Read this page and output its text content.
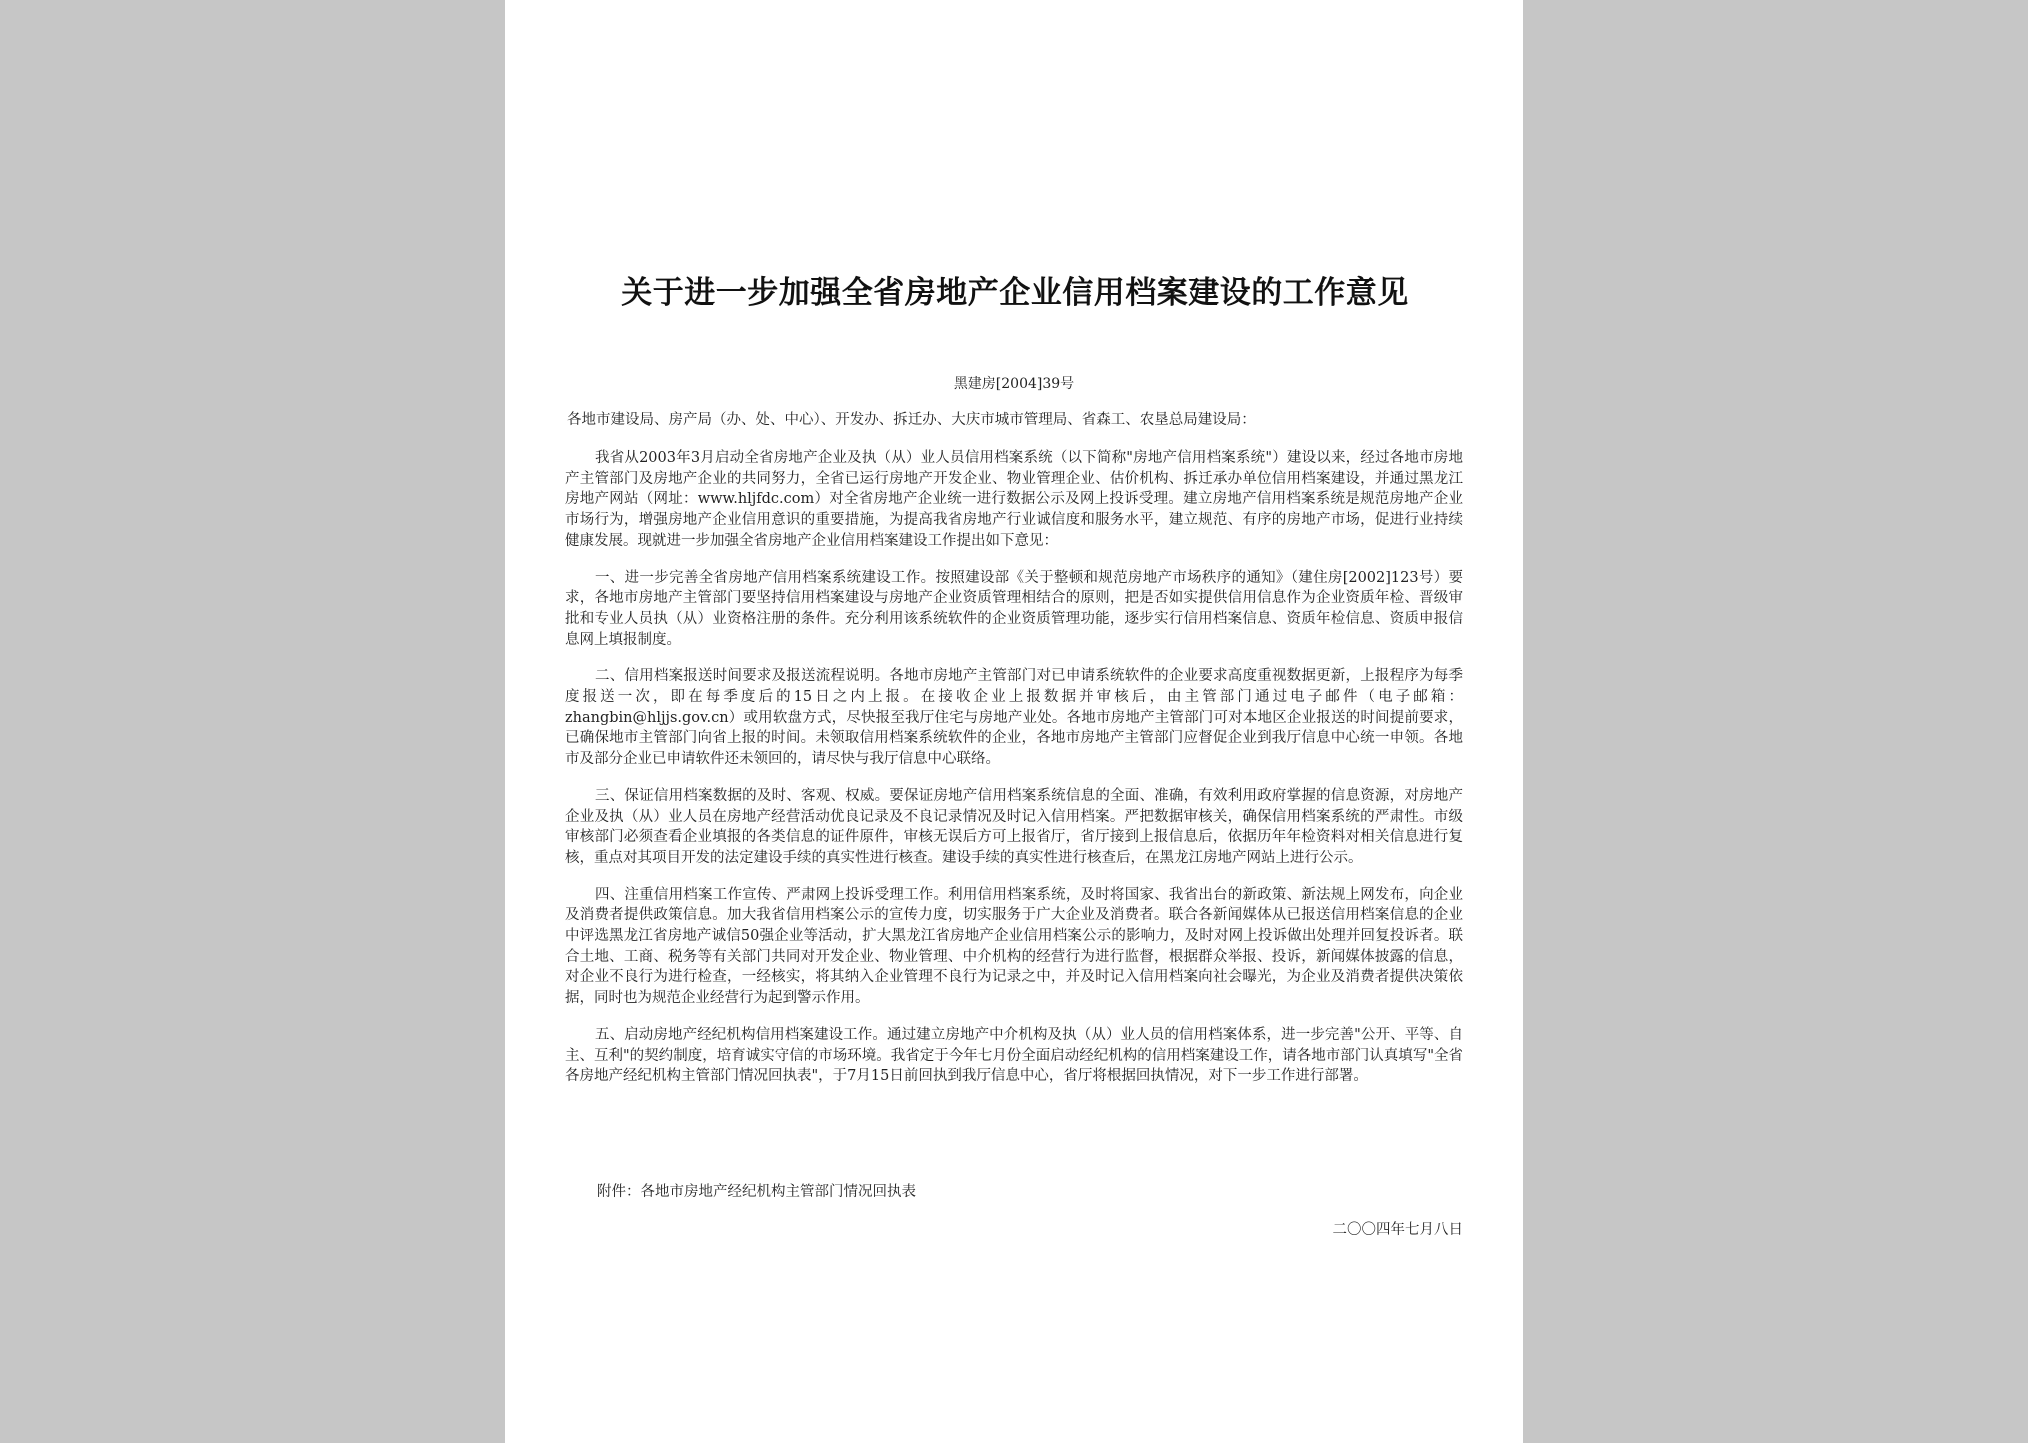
关于进一步加强全省房地产企业信用档案建设的工作意见
黑建房[2004]39号
各地市建设局、房产局（办、处、中心）、开发办、拆迁办、大庆市城市管理局、省森工、农垦总局建设局：

我省从2003年3月启动全省房地产企业及执（从）业人员信用档案系统（以下简称"房地产信用档案系统"）建设以来，经过各地市房地产主管部门及房地产企业的共同努力，全省已运行房地产开发企业、物业管理企业、估价机构、拆迁承办单位信用档案建设，并通过黑龙江房地产网站（网址：www.hljfdc.com）对全省房地产企业统一进行数据公示及网上投诉受理。建立房地产信用档案系统是规范房地产企业市场行为，增强房地产企业信用意识的重要措施，为提高我省房地产行业诚信度和服务水平，建立规范、有序的房地产市场，促进行业持续健康发展。现就进一步加强全省房地产企业信用档案建设工作提出如下意见：

一、进一步完善全省房地产信用档案系统建设工作。按照建设部《关于整顿和规范房地产市场秩序的通知》（建住房[2002]123号）要求，各地市房地产主管部门要坚持信用档案建设与房地产企业资质管理相结合的原则，把是否如实提供信用信息作为企业资质年检、晋级审批和专业人员执（从）业资格注册的条件。充分利用该系统软件的企业资质管理功能，逐步实行信用档案信息、资质年检信息、资质申报信息网上填报制度。

二、信用档案报送时间要求及报送流程说明。各地市房地产主管部门对已申请系统软件的企业要求高度重视数据更新，上报程序为每季度报送一次，即在每季度后的15日之内上报。在接收企业上报数据并审核后，由主管部门通过电子邮件（电子邮箱：zhangbin@hljjs.gov.cn）或用软盘方式，尽快报至我厅住宅与房地产业处。各地市房地产主管部门可对本地区企业报送的时间提前要求，已确保地市主管部门向省上报的时间。未领取信用档案系统软件的企业，各地市房地产主管部门应督促企业到我厅信息中心统一申领。各地市及部分企业已申请软件还未领回的，请尽快与我厅信息中心联络。

三、保证信用档案数据的及时、客观、权威。要保证房地产信用档案系统信息的全面、准确，有效利用政府掌握的信息资源，对房地产企业及执（从）业人员在房地产经营活动优良记录及不良记录情况及时记入信用档案。严把数据审核关，确保信用档案系统的严肃性。市级审核部门必须查看企业填报的各类信息的证件原件，审核无误后方可上报省厅，省厅接到上报信息后，依据历年年检资料对相关信息进行复核，重点对其项目开发的法定建设手续的真实性进行核查。建设手续的真实性进行核查后，在黑龙江房地产网站上进行公示。

四、注重信用档案工作宣传、严肃网上投诉受理工作。利用信用档案系统，及时将国家、我省出台的新政策、新法规上网发布，向企业及消费者提供政策信息。加大我省信用档案公示的宣传力度，切实服务于广大企业及消费者。联合各新闻媒体从已报送信用档案信息的企业中评选黑龙江省房地产诚信50强企业等活动，扩大黑龙江省房地产企业信用档案公示的影响力，及时对网上投诉做出处理并回复投诉者。联合土地、工商、税务等有关部门共同对开发企业、物业管理、中介机构的经营行为进行监督，根据群众举报、投诉，新闻媒体披露的信息，对企业不良行为进行检查，一经核实，将其纳入企业管理不良行为记录之中，并及时记入信用档案向社会曝光，为企业及消费者提供决策依据，同时也为规范企业经营行为起到警示作用。

五、启动房地产经纪机构信用档案建设工作。通过建立房地产中介机构及执（从）业人员的信用档案体系，进一步完善"公开、平等、自主、互利"的契约制度，培育诚实守信的市场环境。我省定于今年七月份全面启动经纪机构的信用档案建设工作，请各地市部门认真填写"全省各房地产经纪机构主管部门情况回执表"，于7月15日前回执到我厅信息中心，省厅将根据回执情况，对下一步工作进行部署。

附件：各地市房地产经纪机构主管部门情况回执表
二〇〇四年七月八日
